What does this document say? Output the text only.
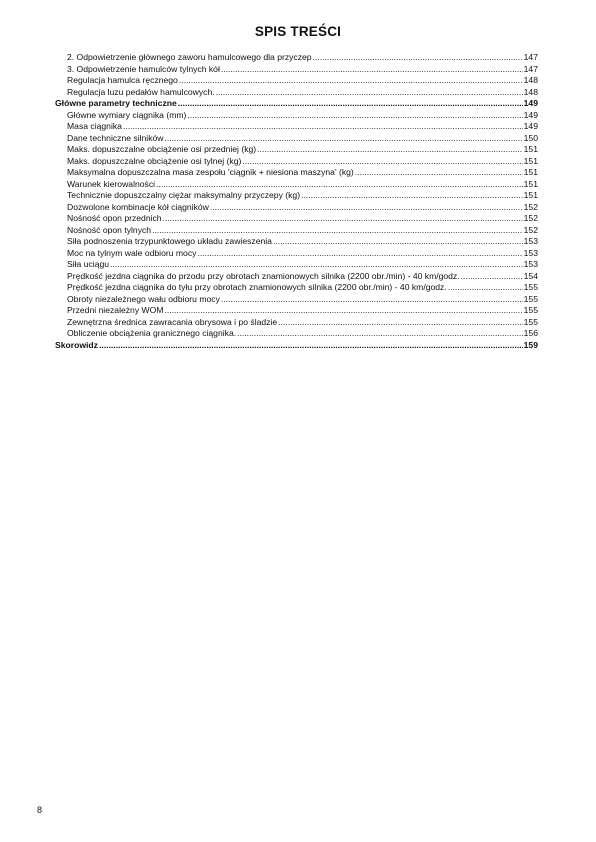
SPIS TREŚCI
2. Odpowietrzenie głównego zaworu hamulcowego dla przyczep .....	147
3. Odpowietrzenie hamulców tylnych kół .....	147
Regulacja hamulca ręcznego .....	148
Regulacja luzu pedałów hamulcowych. .....	148
Główne parametry techniczne .....	149
Główne wymiary ciągnika (mm) .....	149
Masa ciągnika .....	149
Dane techniczne silników .....	150
Maks. dopuszczalne obciążenie osi przedniej (kg) .....	151
Maks. dopuszczalne obciążenie osi tylnej (kg) .....	151
Maksymalna dopuszczalna masa zespołu 'ciągnik + niesiona maszyna' (kg) .....	151
Warunek kierowalności .....	151
Technicznie dopuszczalny ciężar maksymalny przyczepy (kg) .....	151
Dozwolone kombinacje kół ciągników .....	152
Nośność opon przednich .....	152
Nośność opon tylnych .....	152
Siła podnoszenia trzypunktowego układu zawieszenia .....	153
Moc na tylnym wale odbioru mocy .....	153
Siła uciągu .....	153
Prędkość jezdna ciągnika do przodu przy obrotach znamionowych silnika (2200 obr./min) - 40 km/godz. .....	154
Prędkość jezdna ciągnika do tyłu przy obrotach znamionowych silnika (2200 obr./min) - 40 km/godz. .....	155
Obroty niezależnego wału odbioru mocy .....	155
Przedni niezależny WOM .....	155
Zewnętrzna średnica zawracania obrysowa i po śladzie .....	155
Obliczenie obciążenia granicznego ciągnika. .....	156
Skorowidz .....	159
8
